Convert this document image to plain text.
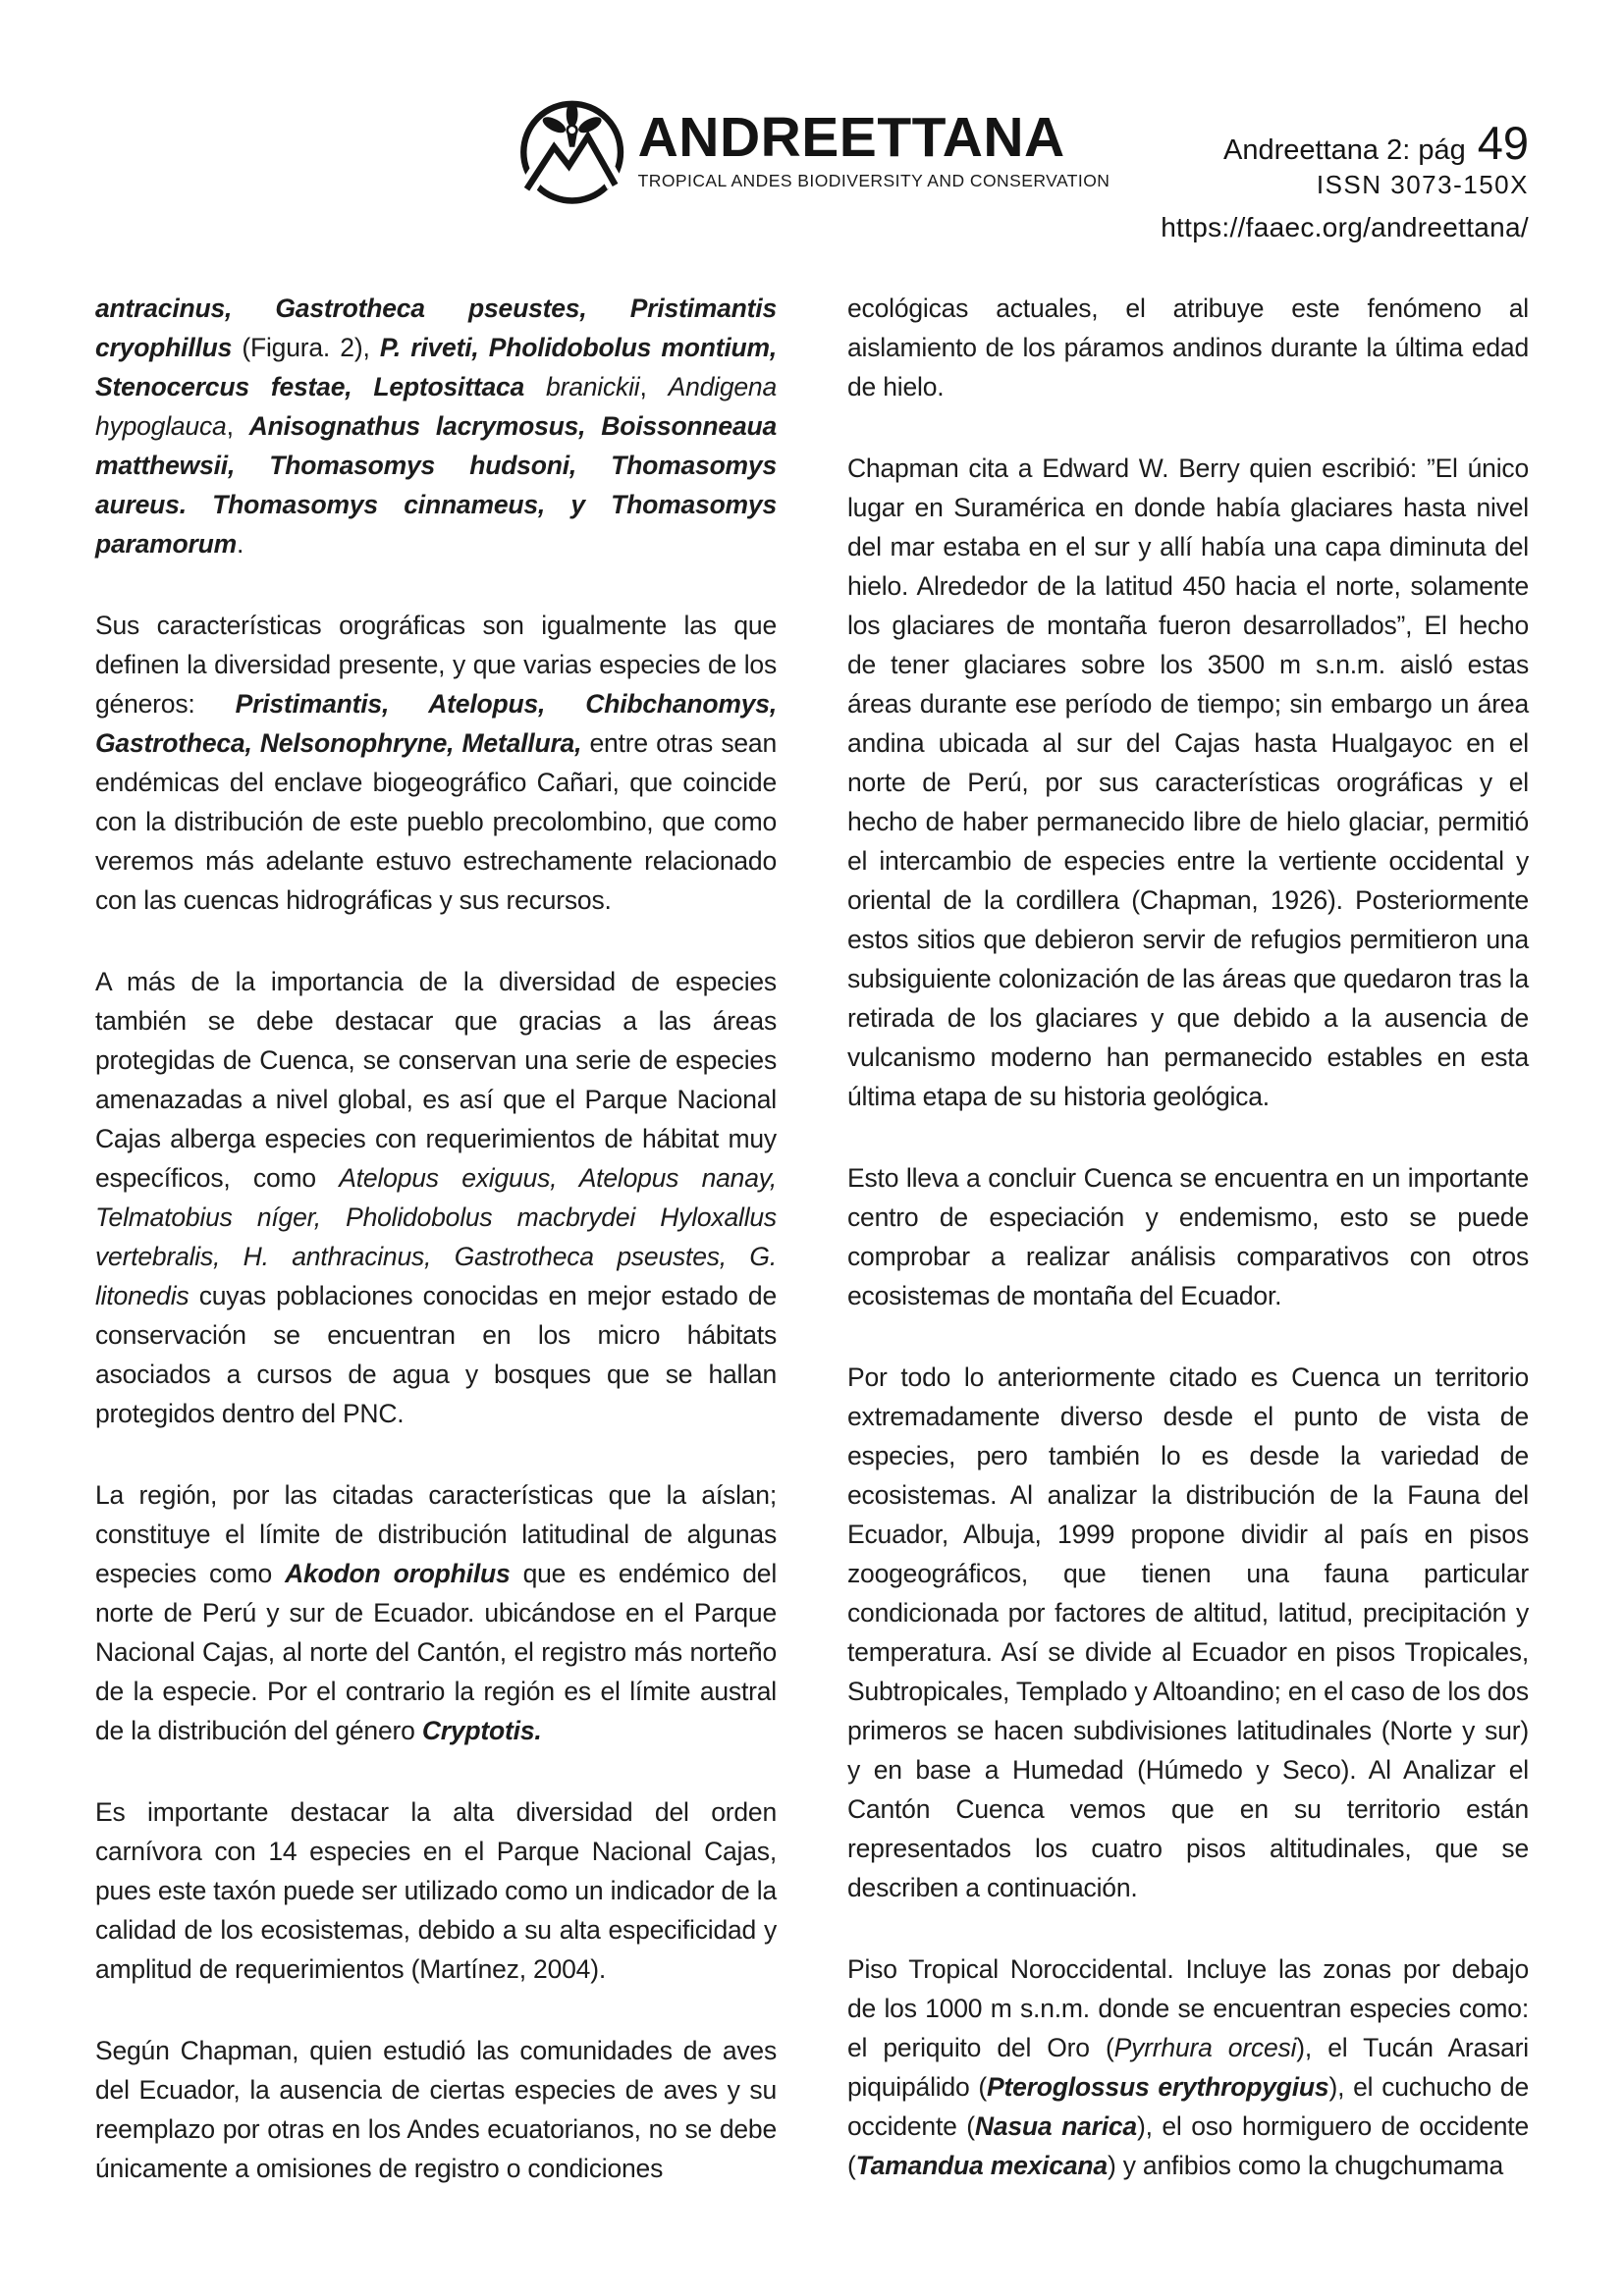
ANDREETTANA
TROPICAL ANDES BIODIVERSITY AND CONSERVATION
Andreettana 2: pág 49
ISSN 3073-150X
https://faaec.org/andreettana/

antracinus, Gastrotheca pseustes, Pristimantis cryophillus (Figura. 2), P. riveti, Pholidobolus montium, Stenocercus festae, Leptosittaca branickii, Andigena hypoglauca, Anisognathus lacrymosus, Boissonneaua matthewsii, Thomasomys hudsoni, Thomasomys aureus. Thomasomys cinnameus, y Thomasomys paramorum.

Sus características orográficas son igualmente las que definen la diversidad presente, y que varias especies de los géneros: Pristimantis, Atelopus, Chibchanomys, Gastrotheca, Nelsonophryne, Metallura, entre otras sean endémicas del enclave biogeográfico Cañari, que coincide con la distribución de este pueblo precolombino, que como veremos más adelante estuvo estrechamente relacionado con las cuencas hidrográficas y sus recursos.

A más de la importancia de la diversidad de especies también se debe destacar que gracias a las áreas protegidas de Cuenca, se conservan una serie de especies amenazadas a nivel global, es así que el Parque Nacional Cajas alberga especies con requerimientos de hábitat muy específicos, como Atelopus exiguus, Atelopus nanay, Telmatobius níger, Pholidobolus macbrydei Hyloxallus vertebralis, H. anthracinus, Gastrotheca pseustes, G. litonedis cuyas poblaciones conocidas en mejor estado de conservación se encuentran en los micro hábitats asociados a cursos de agua y bosques que se hallan protegidos dentro del PNC.

La región, por las citadas características que la aíslan; constituye el límite de distribución latitudinal de algunas especies como Akodon orophilus que es endémico del norte de Perú y sur de Ecuador. ubicándose en el Parque Nacional Cajas, al norte del Cantón, el registro más norteño de la especie. Por el contrario la región es el límite austral de la distribución del género Cryptotis.

Es importante destacar la alta diversidad del orden carnívora con 14 especies en el Parque Nacional Cajas, pues este taxón puede ser utilizado como un indicador de la calidad de los ecosistemas, debido a su alta especificidad y amplitud de requerimientos (Martínez, 2004).

Según Chapman, quien estudió las comunidades de aves del Ecuador, la ausencia de ciertas especies de aves y su reemplazo por otras en los Andes ecuatorianos, no se debe únicamente a omisiones de registro o condiciones

ecológicas actuales, el atribuye este fenómeno al aislamiento de los páramos andinos durante la última edad de hielo.

Chapman cita a Edward W. Berry quien escribió: ”El único lugar en Suramérica en donde había glaciares hasta nivel del mar estaba en el sur y allí había una capa diminuta del hielo. Alrededor de la latitud 450 hacia el norte, solamente los glaciares de montaña fueron desarrollados”, El hecho de tener glaciares sobre los 3500 m s.n.m. aisló estas áreas durante ese período de tiempo; sin embargo un área andina ubicada al sur del Cajas hasta Hualgayoc en el norte de Perú, por sus características orográficas y el hecho de haber permanecido libre de hielo glaciar, permitió el intercambio de especies entre la vertiente occidental y oriental de la cordillera (Chapman, 1926). Posteriormente estos sitios que debieron servir de refugios permitieron una subsiguiente colonización de las áreas que quedaron tras la retirada de los glaciares y que debido a la ausencia de vulcanismo moderno han permanecido estables en esta última etapa de su historia geológica.

Esto lleva a concluir Cuenca se encuentra en un importante centro de especiación y endemismo, esto se puede comprobar a realizar análisis comparativos con otros ecosistemas de montaña del Ecuador.

Por todo lo anteriormente citado es Cuenca un territorio extremadamente diverso desde el punto de vista de especies, pero también lo es desde la variedad de ecosistemas. Al analizar la distribución de la Fauna del Ecuador, Albuja, 1999 propone dividir al país en pisos zoogeográficos, que tienen una fauna particular condicionada por factores de altitud, latitud, precipitación y temperatura. Así se divide al Ecuador en pisos Tropicales, Subtropicales, Templado y Altoandino; en el caso de los dos primeros se hacen subdivisiones latitudinales (Norte y sur) y en base a Humedad (Húmedo y Seco). Al Analizar el Cantón Cuenca vemos que en su territorio están representados los cuatro pisos altitudinales, que se describen a continuación.

Piso Tropical Noroccidental. Incluye las zonas por debajo de los 1000 m s.n.m. donde se encuentran especies como: el periquito del Oro (Pyrrhura orcesi), el Tucán Arasari piquipálido (Pteroglossus erythropygius), el cuchucho de occidente (Nasua narica), el oso hormiguero de occidente (Tamandua mexicana) y anfibios como la chugchumama
